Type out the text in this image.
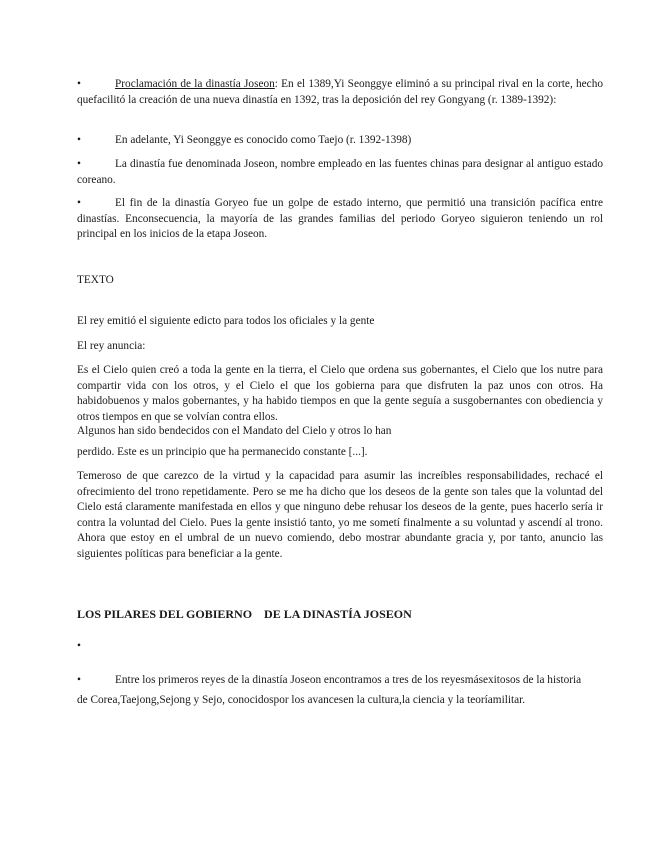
•	Proclamación de la dinastía Joseon: En el 1389,Yi Seonggye eliminó a su principal rival en la corte, hecho quefacilitó la creación de una nueva dinastía en 1392, tras la deposición del rey Gongyang (r. 1389-1392):
•	En adelante, Yi Seonggye es conocido como Taejo (r. 1392-1398)
•	La dinastía fue denominada Joseon, nombre empleado en las fuentes chinas para designar al antiguo estado coreano.
•	El fin de la dinastía Goryeo fue un golpe de estado interno, que permitió una transición pacífica entre dinastías. Enconsecuencia, la mayoría de las grandes familias del periodo Goryeo siguieron teniendo un rol principal en los inicios de la etapa Joseon.
TEXTO
El rey emitió el siguiente edicto para todos los oficiales y la gente
El rey anuncia:
Es el Cielo quien creó a toda la gente en la tierra, el Cielo que ordena sus gobernantes, el Cielo que los nutre para compartir vida con los otros, y el Cielo el que los gobierna para que disfruten la paz unos con otros. Ha habidobuenos y malos gobernantes, y ha habido tiempos en que la gente seguía a susgobernantes con obediencia y otros tiempos en que se volvían contra ellos.
Algunos han sido bendecidos con el Mandato del Cielo y otros lo han
perdido. Este es un principio que ha permanecido constante [...].
Temeroso de que carezco de la virtud y la capacidad para asumir las increíbles responsabilidades, rechacé el ofrecimiento del trono repetidamente. Pero se me ha dicho que los deseos de la gente son tales que la voluntad del Cielo está claramente manifestada en ellos y que ninguno debe rehusar los deseos de la gente, pues hacerlo sería ir contra la voluntad del Cielo. Pues la gente insistió tanto, yo me sometí finalmente a su voluntad y ascendí al trono. Ahora que estoy en el umbral de un nuevo comiendo, debo mostrar abundante gracia y, por tanto, anuncio las siguientes políticas para beneficiar a la gente.
LOS PILARES DEL GOBIERNO    DE LA DINASTÍA JOSEON
•
•	Entre los primeros reyes de la dinastía Joseon encontramos a tres de los reyesmásexitosos de la historia
de Corea,Taejong,Sejong y Sejo, conocidospor los avancesen la cultura,la ciencia y la teoríamilitar.
